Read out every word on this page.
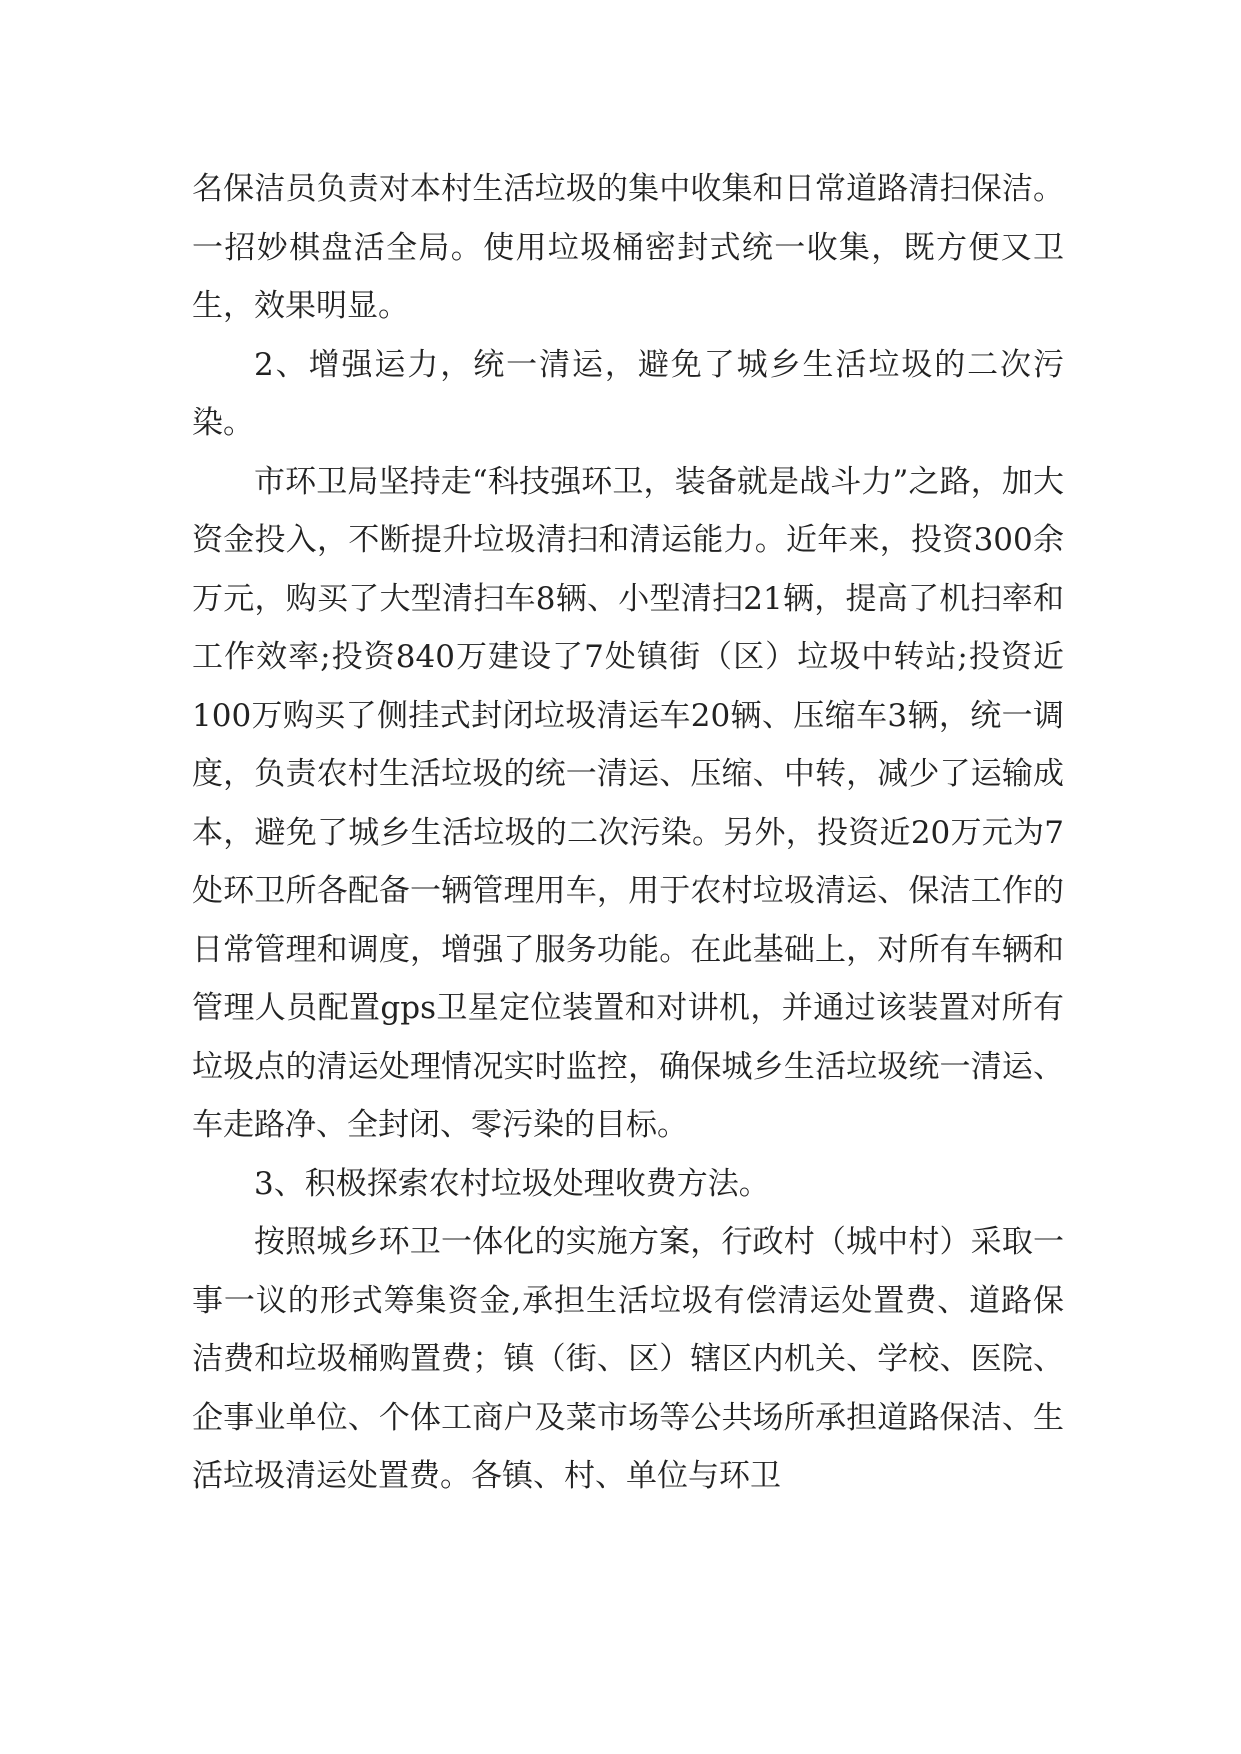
名保洁员负责对本村生活垃圾的集中收集和日常道路清扫保洁。一招妙棋盘活全局。使用垃圾桶密封式统一收集，既方便又卫生，效果明显。

2、增强运力，统一清运，避免了城乡生活垃圾的二次污染。

市环卫局坚持走“科技强环卫，装备就是战斗力”之路，加大资金投入，不断提升垃圾清扫和清运能力。近年来，投资300余万元，购买了大型清扫车8辆、小型清扫21辆，提高了机扫率和工作效率;投资840万建设了7处镇街（区）垃圾中转站;投资近100万购买了侧挂式封闭垃圾清运车20辆、压缩车3辆，统一调度，负责农村生活垃圾的统一清运、压缩、中转，减少了运输成本，避免了城乡生活垃圾的二次污染。另外，投资近20万元为7处环卫所各配备一辆管理用车，用于农村垃圾清运、保洁工作的日常管理和调度，增强了服务功能。在此基础上，对所有车辆和管理人员配置gps卫星定位装置和对讲机，并通过该装置对所有垃圾点的清运处理情况实时监控，确保城乡生活垃圾统一清运、车走路净、全封闭、零污染的目标。

3、积极探索农村垃圾处理收费方法。

按照城乡环卫一体化的实施方案，行政村（城中村）采取一事一议的形式筹集资金,承担生活垃圾有偿清运处置费、道路保洁费和垃圾桶购置费；镇（街、区）辖区内机关、学校、医院、企事业单位、个体工商户及菜市场等公共场所承担道路保洁、生活垃圾清运处置费。各镇、村、单位与环卫
